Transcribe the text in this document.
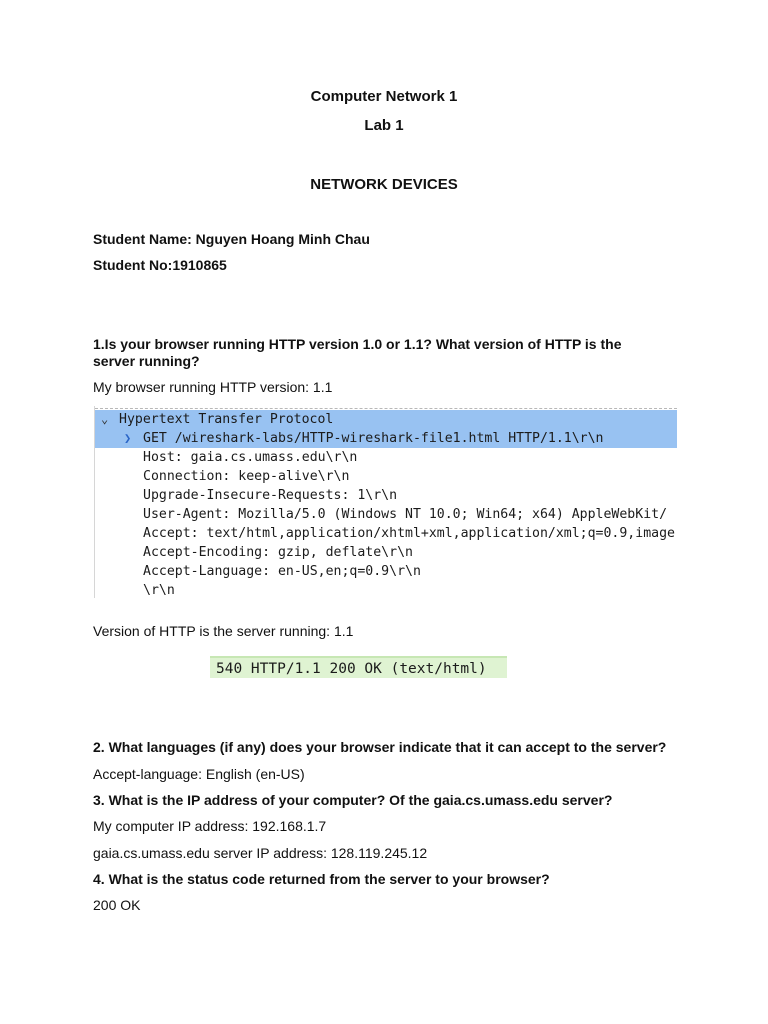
Computer Network 1
Lab 1
NETWORK DEVICES
Student Name: Nguyen Hoang Minh Chau
Student No:1910865
1.Is your browser running HTTP version 1.0 or 1.1? What version of HTTP is the
server running?
My browser running HTTP version: 1.1
⌄ Hypertext Transfer Protocol
❯ GET /wireshark-labs/HTTP-wireshark-file1.html HTTP/1.1\r\n
Host: gaia.cs.umass.edu\r\n
Connection: keep-alive\r\n
Upgrade-Insecure-Requests: 1\r\n
User-Agent: Mozilla/5.0 (Windows NT 10.0; Win64; x64) AppleWebKit/
Accept: text/html,application/xhtml+xml,application/xml;q=0.9,image
Accept-Encoding: gzip, deflate\r\n
Accept-Language: en-US,en;q=0.9\r\n
\r\n
Version of HTTP is the server running: 1.1
540 HTTP/1.1 200 OK (text/html)
2. What languages (if any) does your browser indicate that it can accept to the server?
Accept-language: English (en-US)
3. What is the IP address of your computer? Of the gaia.cs.umass.edu server?
My computer IP address: 192.168.1.7
gaia.cs.umass.edu server IP address: 128.119.245.12
4. What is the status code returned from the server to your browser?
200 OK
